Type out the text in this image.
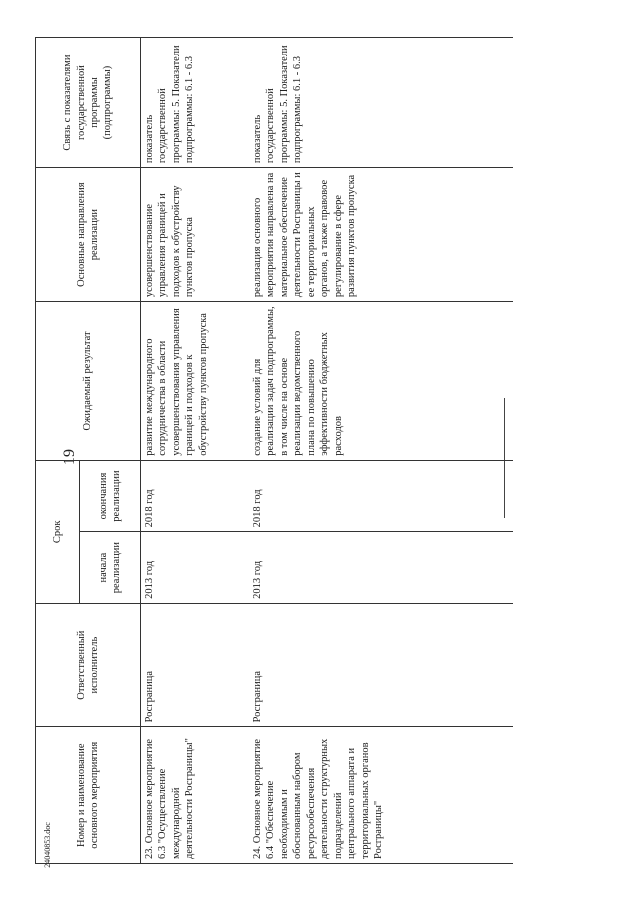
19
24040853.doc Номер и наименование основного мероприятия	Ответственный исполнитель	Срок		Ожидаемый результат	Основные направления реализации	Связь с показателями государственной программы (подпрограммы)
		начала реализации	окончания реализации			
23. Основное мероприятие 6.3 "Осуществление международной деятельности Росграницы"	Росграница	2013 год	2018 год	развитие международного сотрудничества в области усовершенствования управления границей и подходов к обустройству пунктов пропуска	усовершенствование управления границей и подходов к обустройству пунктов пропуска	показатель государственной программы: 5. Показатели подпрограммы: 6.1 - 6.3
24. Основное мероприятие 6.4 "Обеспечение необходимым и обоснованным набором ресурсообеспечения деятельности структурных подразделений центрального аппарата и территориальных органов Росграницы"	Росграница	2013 год	2018 год	создание условий для реализации задач подпрограммы, в том числе на основе реализации ведомственного плана по повышению эффективности бюджетных расходов	реализация основного мероприятия направлена на материальное обеспечение деятельности Росграницы и ее территориальных органов, а также правовое регулирование в сфере развития пунктов пропуска	показатель государственной программы: 5. Показатели подпрограммы: 6.1 - 6.3
